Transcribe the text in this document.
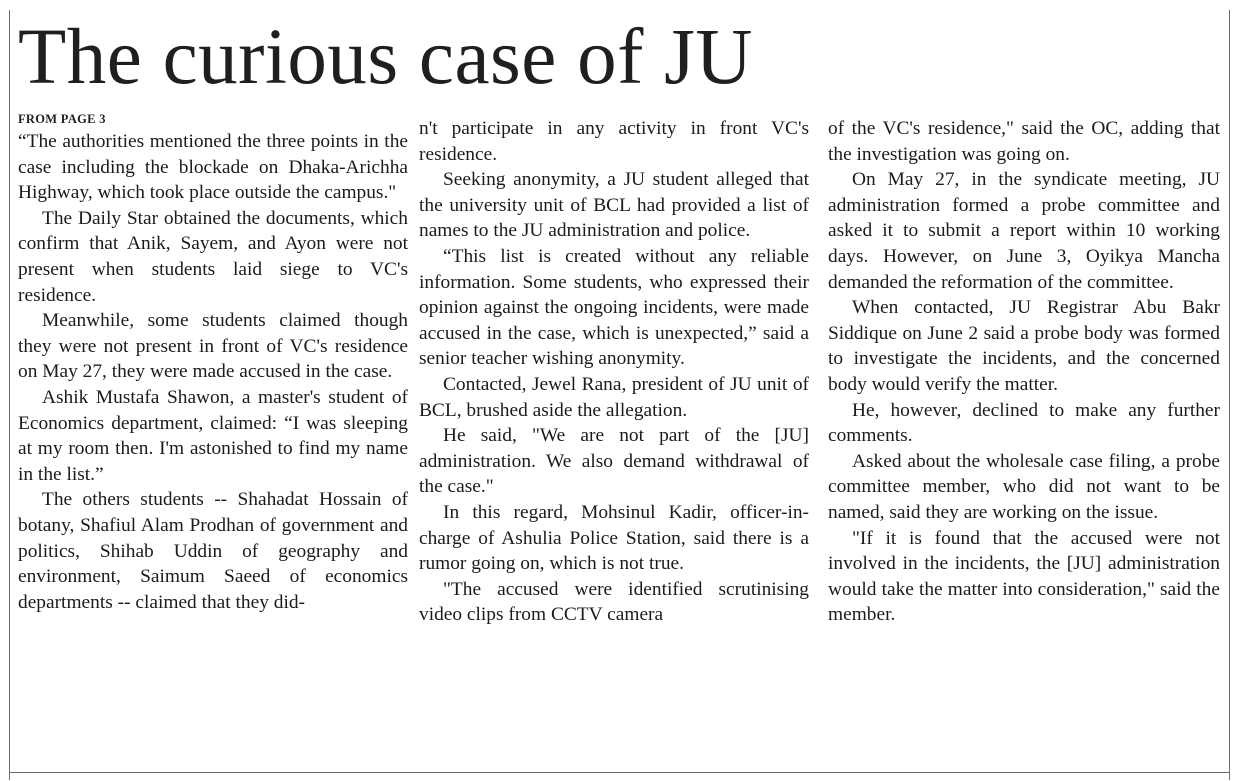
The curious case of JU
FROM PAGE 3

“The authorities mentioned the three points in the case including the blockade on Dhaka-Arichha Highway, which took place outside the campus."

The Daily Star obtained the documents, which confirm that Anik, Sayem, and Ayon were not present when students laid siege to VC's residence.

Meanwhile, some students claimed though they were not present in front of VC's residence on May 27, they were made accused in the case.

Ashik Mustafa Shawon, a master's student of Economics department, claimed: “I was sleeping at my room then. I'm astonished to find my name in the list.”

The others students -- Shahadat Hossain of botany, Shafiul Alam Prodhan of government and politics, Shihab Uddin of geography and environment, Saimum Saeed of economics departments -- claimed that they did-

n't participate in any activity in front VC's residence.

Seeking anonymity, a JU student alleged that the university unit of BCL had provided a list of names to the JU administration and police.

“This list is created without any reliable information. Some students, who expressed their opinion against the ongoing incidents, were made accused in the case, which is unexpected,” said a senior teacher wishing anonymity.

Contacted, Jewel Rana, president of JU unit of BCL, brushed aside the allegation.

He said, "We are not part of the [JU] administration. We also demand withdrawal of the case."

In this regard, Mohsinul Kadir, officer-in-charge of Ashulia Police Station, said there is a rumor going on, which is not true.

"The accused were identified scrutinising video clips from CCTV camera

of the VC's residence," said the OC, adding that the investigation was going on.

On May 27, in the syndicate meeting, JU administration formed a probe committee and asked it to submit a report within 10 working days. However, on June 3, Oyikya Mancha demanded the reformation of the committee.

When contacted, JU Registrar Abu Bakr Siddique on June 2 said a probe body was formed to investigate the incidents, and the concerned body would verify the matter.

He, however, declined to make any further comments.

Asked about the wholesale case filing, a probe committee member, who did not want to be named, said they are working on the issue.

"If it is found that the accused were not involved in the incidents, the [JU] administration would take the matter into consideration," said the member.
